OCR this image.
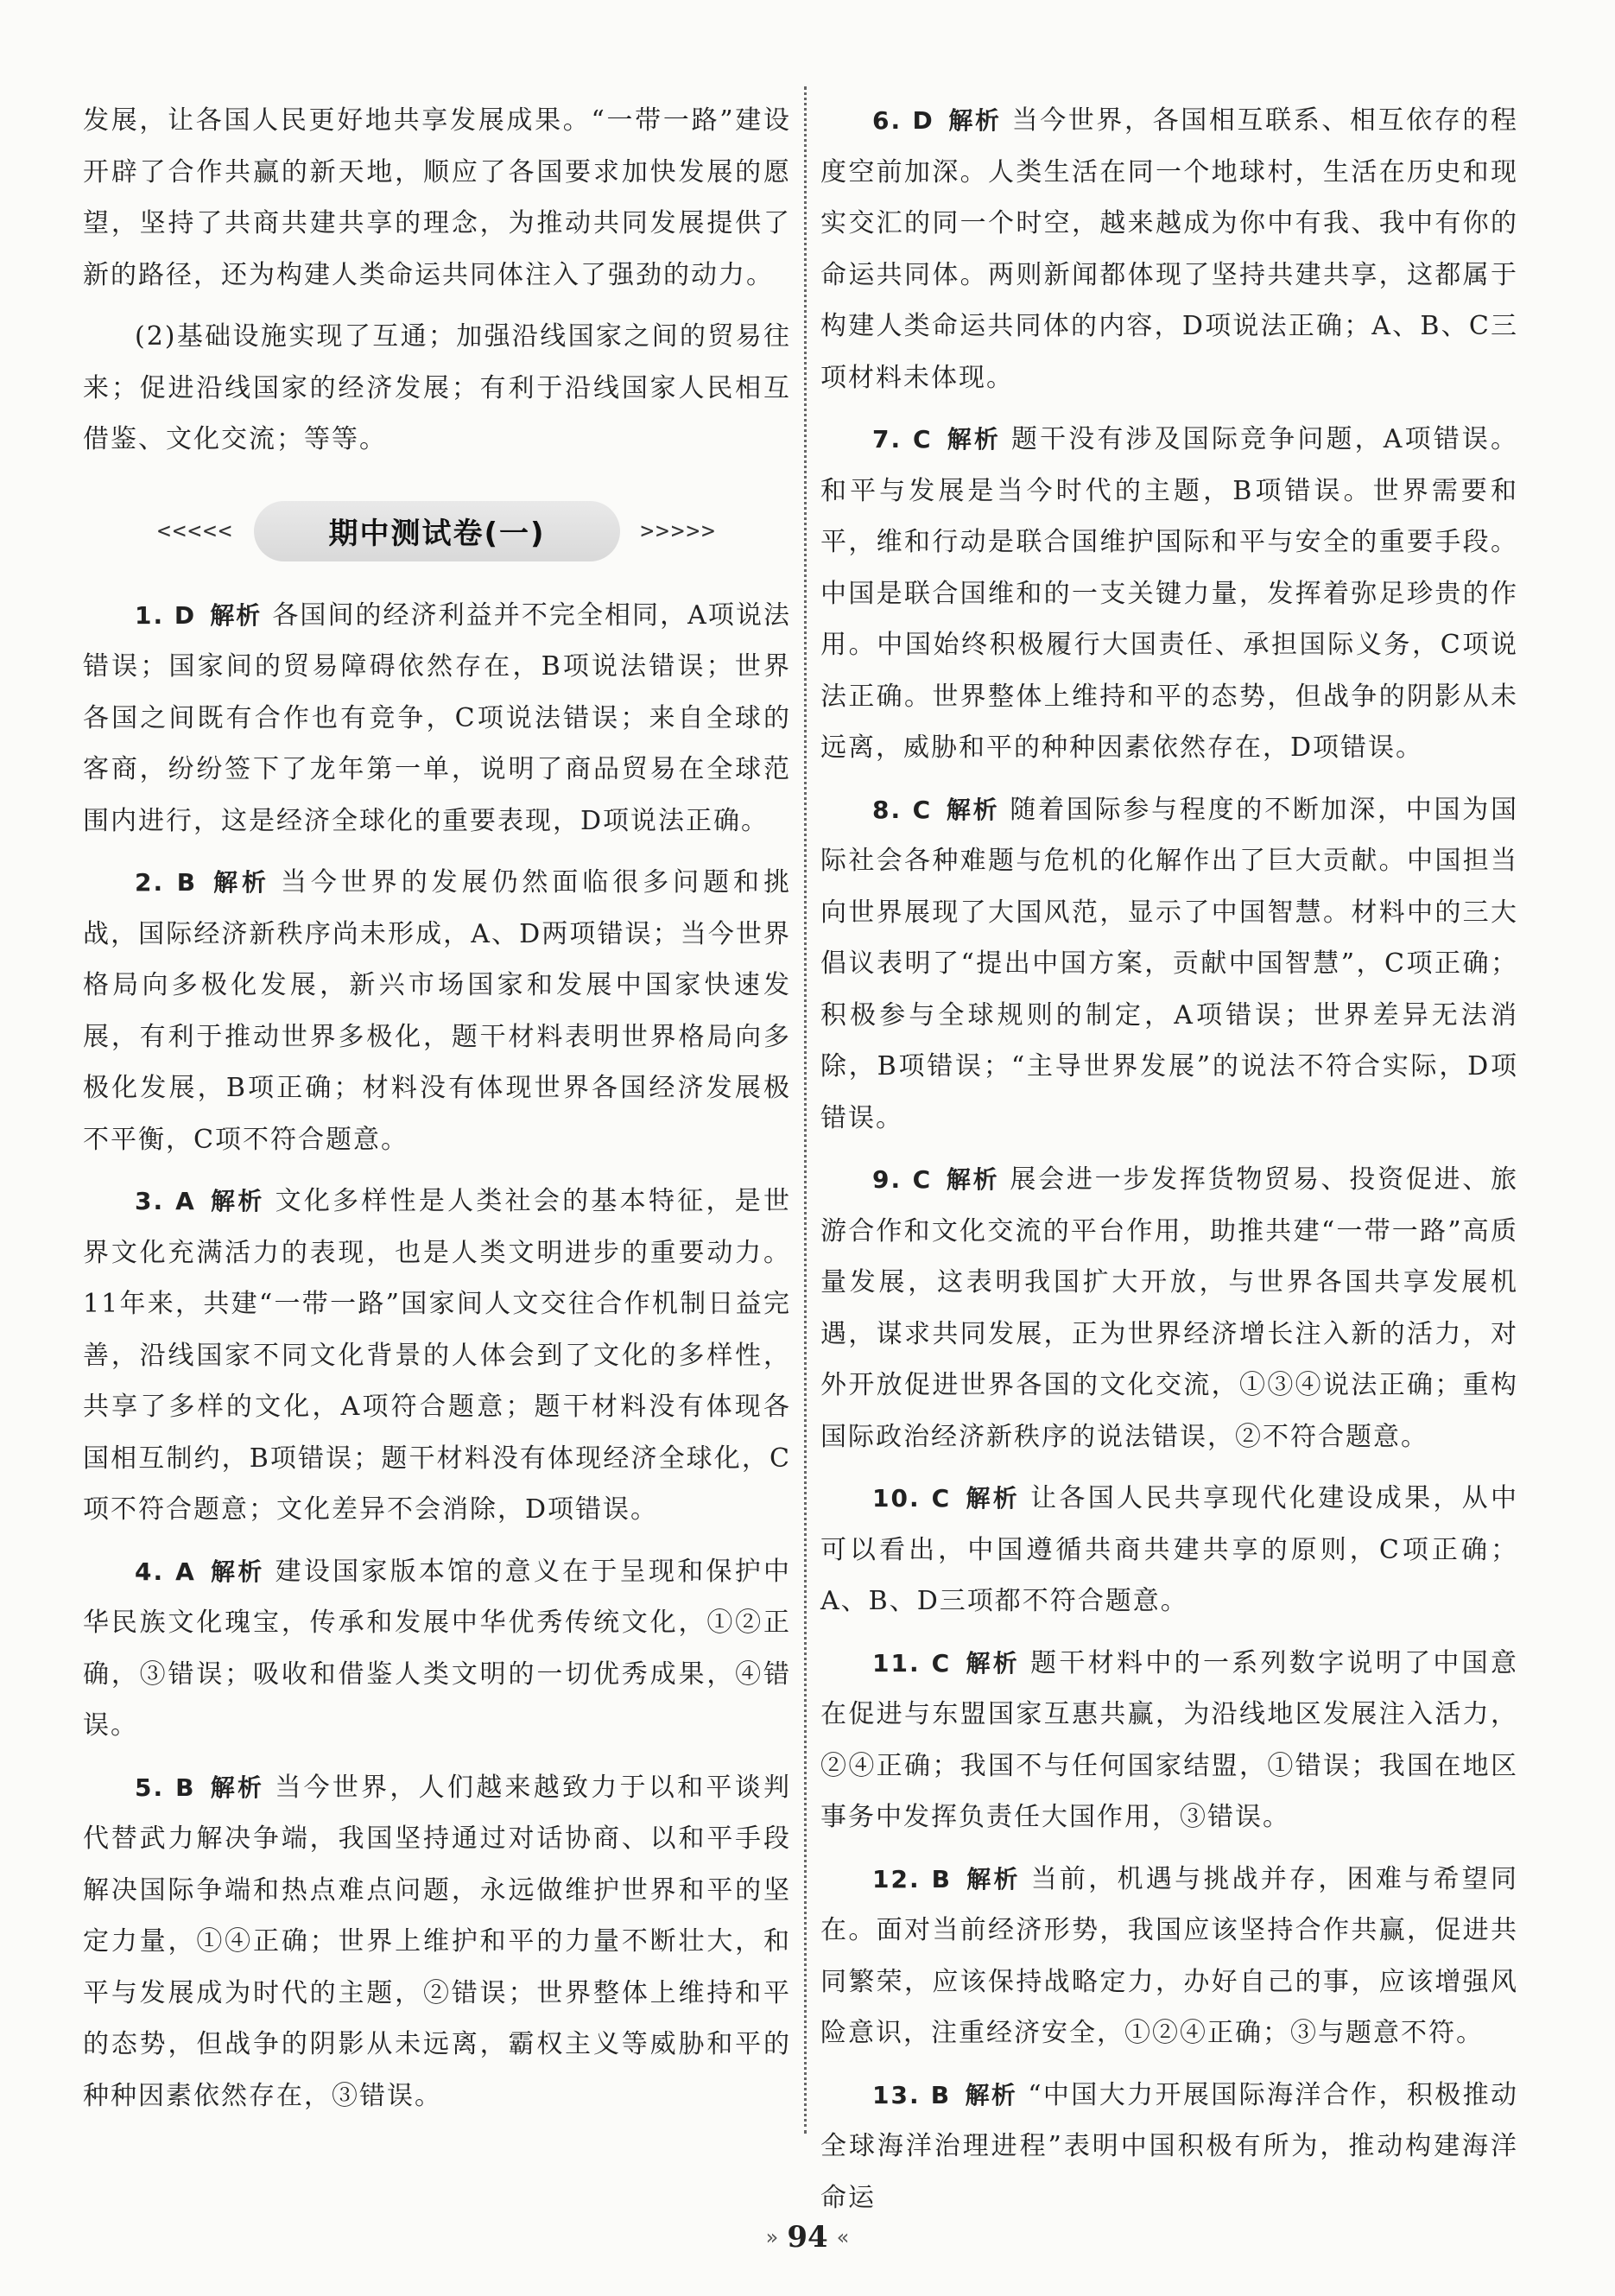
发展，让各国人民更好地共享发展成果。“一带一路”建设开辟了合作共赢的新天地，顺应了各国要求加快发展的愿望，坚持了共商共建共享的理念，为推动共同发展提供了新的路径，还为构建人类命运共同体注入了强劲的动力。

(2)基础设施实现了互通；加强沿线国家之间的贸易往来；促进沿线国家的经济发展；有利于沿线国家人民相互借鉴、文化交流；等等。

<<<<<	期中测试卷(一)	>>>>>

1. D 解析 各国间的经济利益并不完全相同，A项说法错误；国家间的贸易障碍依然存在，B项说法错误；世界各国之间既有合作也有竞争，C项说法错误；来自全球的客商，纷纷签下了龙年第一单，说明了商品贸易在全球范围内进行，这是经济全球化的重要表现，D项说法正确。

2. B 解析 当今世界的发展仍然面临很多问题和挑战，国际经济新秩序尚未形成，A、D两项错误；当今世界格局向多极化发展，新兴市场国家和发展中国家快速发展，有利于推动世界多极化，题干材料表明世界格局向多极化发展，B项正确；材料没有体现世界各国经济发展极不平衡，C项不符合题意。

3. A 解析 文化多样性是人类社会的基本特征，是世界文化充满活力的表现，也是人类文明进步的重要动力。11年来，共建“一带一路”国家间人文交往合作机制日益完善，沿线国家不同文化背景的人体会到了文化的多样性，共享了多样的文化，A项符合题意；题干材料没有体现各国相互制约，B项错误；题干材料没有体现经济全球化，C项不符合题意；文化差异不会消除，D项错误。

4. A 解析 建设国家版本馆的意义在于呈现和保护中华民族文化瑰宝，传承和发展中华优秀传统文化，①②正确，③错误；吸收和借鉴人类文明的一切优秀成果，④错误。

5. B 解析 当今世界，人们越来越致力于以和平谈判代替武力解决争端，我国坚持通过对话协商、以和平手段解决国际争端和热点难点问题，永远做维护世界和平的坚定力量，①④正确；世界上维护和平的力量不断壮大，和平与发展成为时代的主题，②错误；世界整体上维持和平的态势，但战争的阴影从未远离，霸权主义等威胁和平的种种因素依然存在，③错误。

6. D 解析 当今世界，各国相互联系、相互依存的程度空前加深。人类生活在同一个地球村，生活在历史和现实交汇的同一个时空，越来越成为你中有我、我中有你的命运共同体。两则新闻都体现了坚持共建共享，这都属于构建人类命运共同体的内容，D项说法正确；A、B、C三项材料未体现。

7. C 解析 题干没有涉及国际竞争问题，A项错误。和平与发展是当今时代的主题，B项错误。世界需要和平，维和行动是联合国维护国际和平与安全的重要手段。中国是联合国维和的一支关键力量，发挥着弥足珍贵的作用。中国始终积极履行大国责任、承担国际义务，C项说法正确。世界整体上维持和平的态势，但战争的阴影从未远离，威胁和平的种种因素依然存在，D项错误。

8. C 解析 随着国际参与程度的不断加深，中国为国际社会各种难题与危机的化解作出了巨大贡献。中国担当向世界展现了大国风范，显示了中国智慧。材料中的三大倡议表明了“提出中国方案，贡献中国智慧”，C项正确；积极参与全球规则的制定，A项错误；世界差异无法消除，B项错误；“主导世界发展”的说法不符合实际，D项错误。

9. C 解析 展会进一步发挥货物贸易、投资促进、旅游合作和文化交流的平台作用，助推共建“一带一路”高质量发展，这表明我国扩大开放，与世界各国共享发展机遇，谋求共同发展，正为世界经济增长注入新的活力，对外开放促进世界各国的文化交流，①③④说法正确；重构国际政治经济新秩序的说法错误，②不符合题意。

10. C 解析 让各国人民共享现代化建设成果，从中可以看出，中国遵循共商共建共享的原则，C项正确；A、B、D三项都不符合题意。

11. C 解析 题干材料中的一系列数字说明了中国意在促进与东盟国家互惠共赢，为沿线地区发展注入活力，②④正确；我国不与任何国家结盟，①错误；我国在地区事务中发挥负责任大国作用，③错误。

12. B 解析 当前，机遇与挑战并存，困难与希望同在。面对当前经济形势，我国应该坚持合作共赢，促进共同繁荣，应该保持战略定力，办好自己的事，应该增强风险意识，注重经济安全，①②④正确；③与题意不符。

13. B 解析 “中国大力开展国际海洋合作，积极推动全球海洋治理进程”表明中国积极有所为，推动构建海洋命运

» 94 «
